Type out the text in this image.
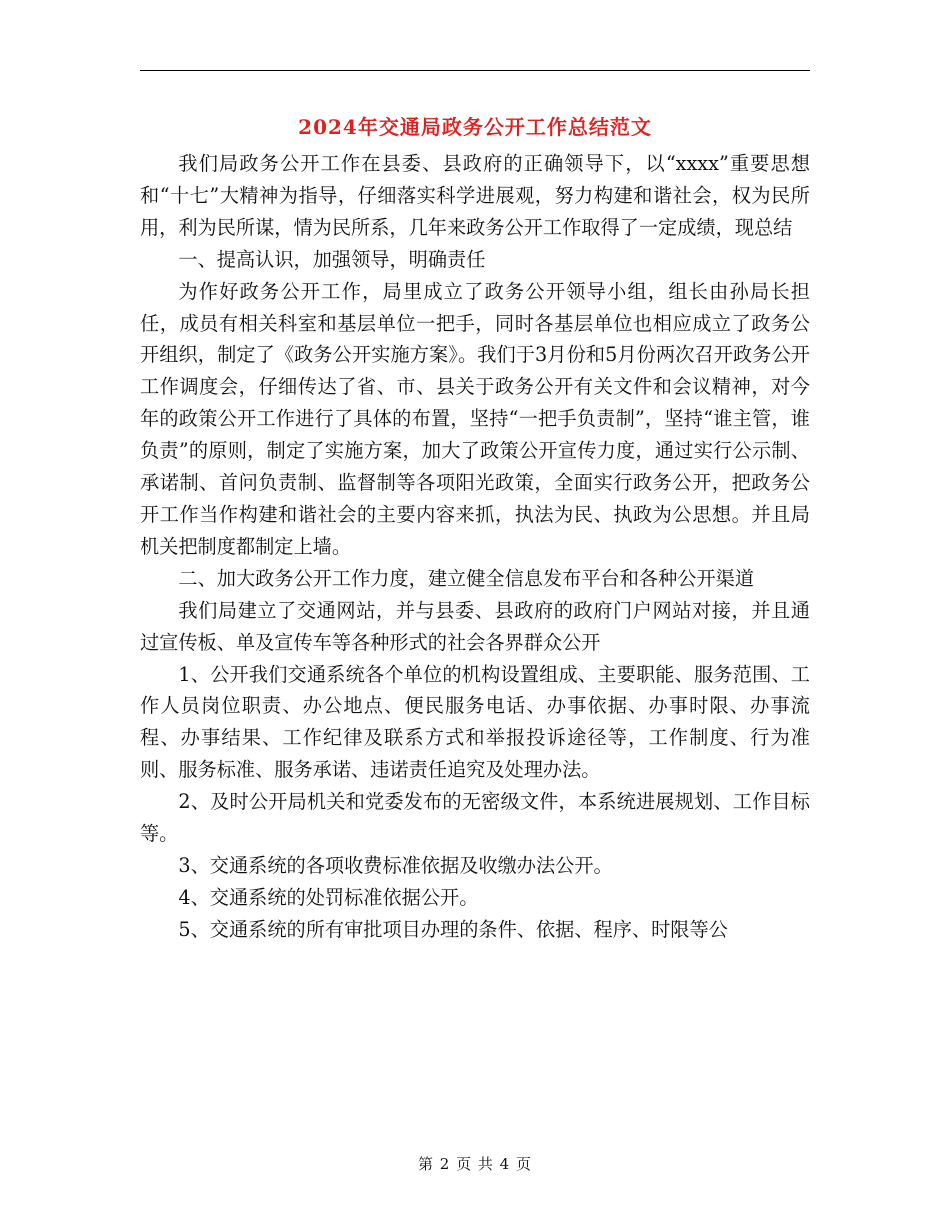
2024年交通局政务公开工作总结范文

我们局政务公开工作在县委、县政府的正确领导下，以“xxxx”重要思想和“十七”大精神为指导，仔细落实科学进展观，努力构建和谐社会，权为民所用，利为民所谋，情为民所系，几年来政务公开工作取得了一定成绩，现总结

一、提高认识，加强领导，明确责任

为作好政务公开工作，局里成立了政务公开领导小组，组长由孙局长担任，成员有相关科室和基层单位一把手，同时各基层单位也相应成立了政务公开组织，制定了《政务公开实施方案》。我们于3月份和5月份两次召开政务公开工作调度会，仔细传达了省、市、县关于政务公开有关文件和会议精神，对今年的政策公开工作进行了具体的布置，坚持“一把手负责制”，坚持“谁主管，谁负责”的原则，制定了实施方案，加大了政策公开宣传力度，通过实行公示制、承诺制、首问负责制、监督制等各项阳光政策，全面实行政务公开，把政务公开工作当作构建和谐社会的主要内容来抓，执法为民、执政为公思想。并且局机关把制度都制定上墙。

二、加大政务公开工作力度，建立健全信息发布平台和各种公开渠道

我们局建立了交通网站，并与县委、县政府的政府门户网站对接，并且通过宣传板、单及宣传车等各种形式的社会各界群众公开

1、公开我们交通系统各个单位的机构设置组成、主要职能、服务范围、工作人员岗位职责、办公地点、便民服务电话、办事依据、办事时限、办事流程、办事结果、工作纪律及联系方式和举报投诉途径等，工作制度、行为准则、服务标准、服务承诺、违诺责任追究及处理办法。

2、及时公开局机关和党委发布的无密级文件，本系统进展规划、工作目标等。

3、交通系统的各项收费标准依据及收缴办法公开。

4、交通系统的处罚标准依据公开。

5、交通系统的所有审批项目办理的条件、依据、程序、时限等公

第 2 页 共 4 页
